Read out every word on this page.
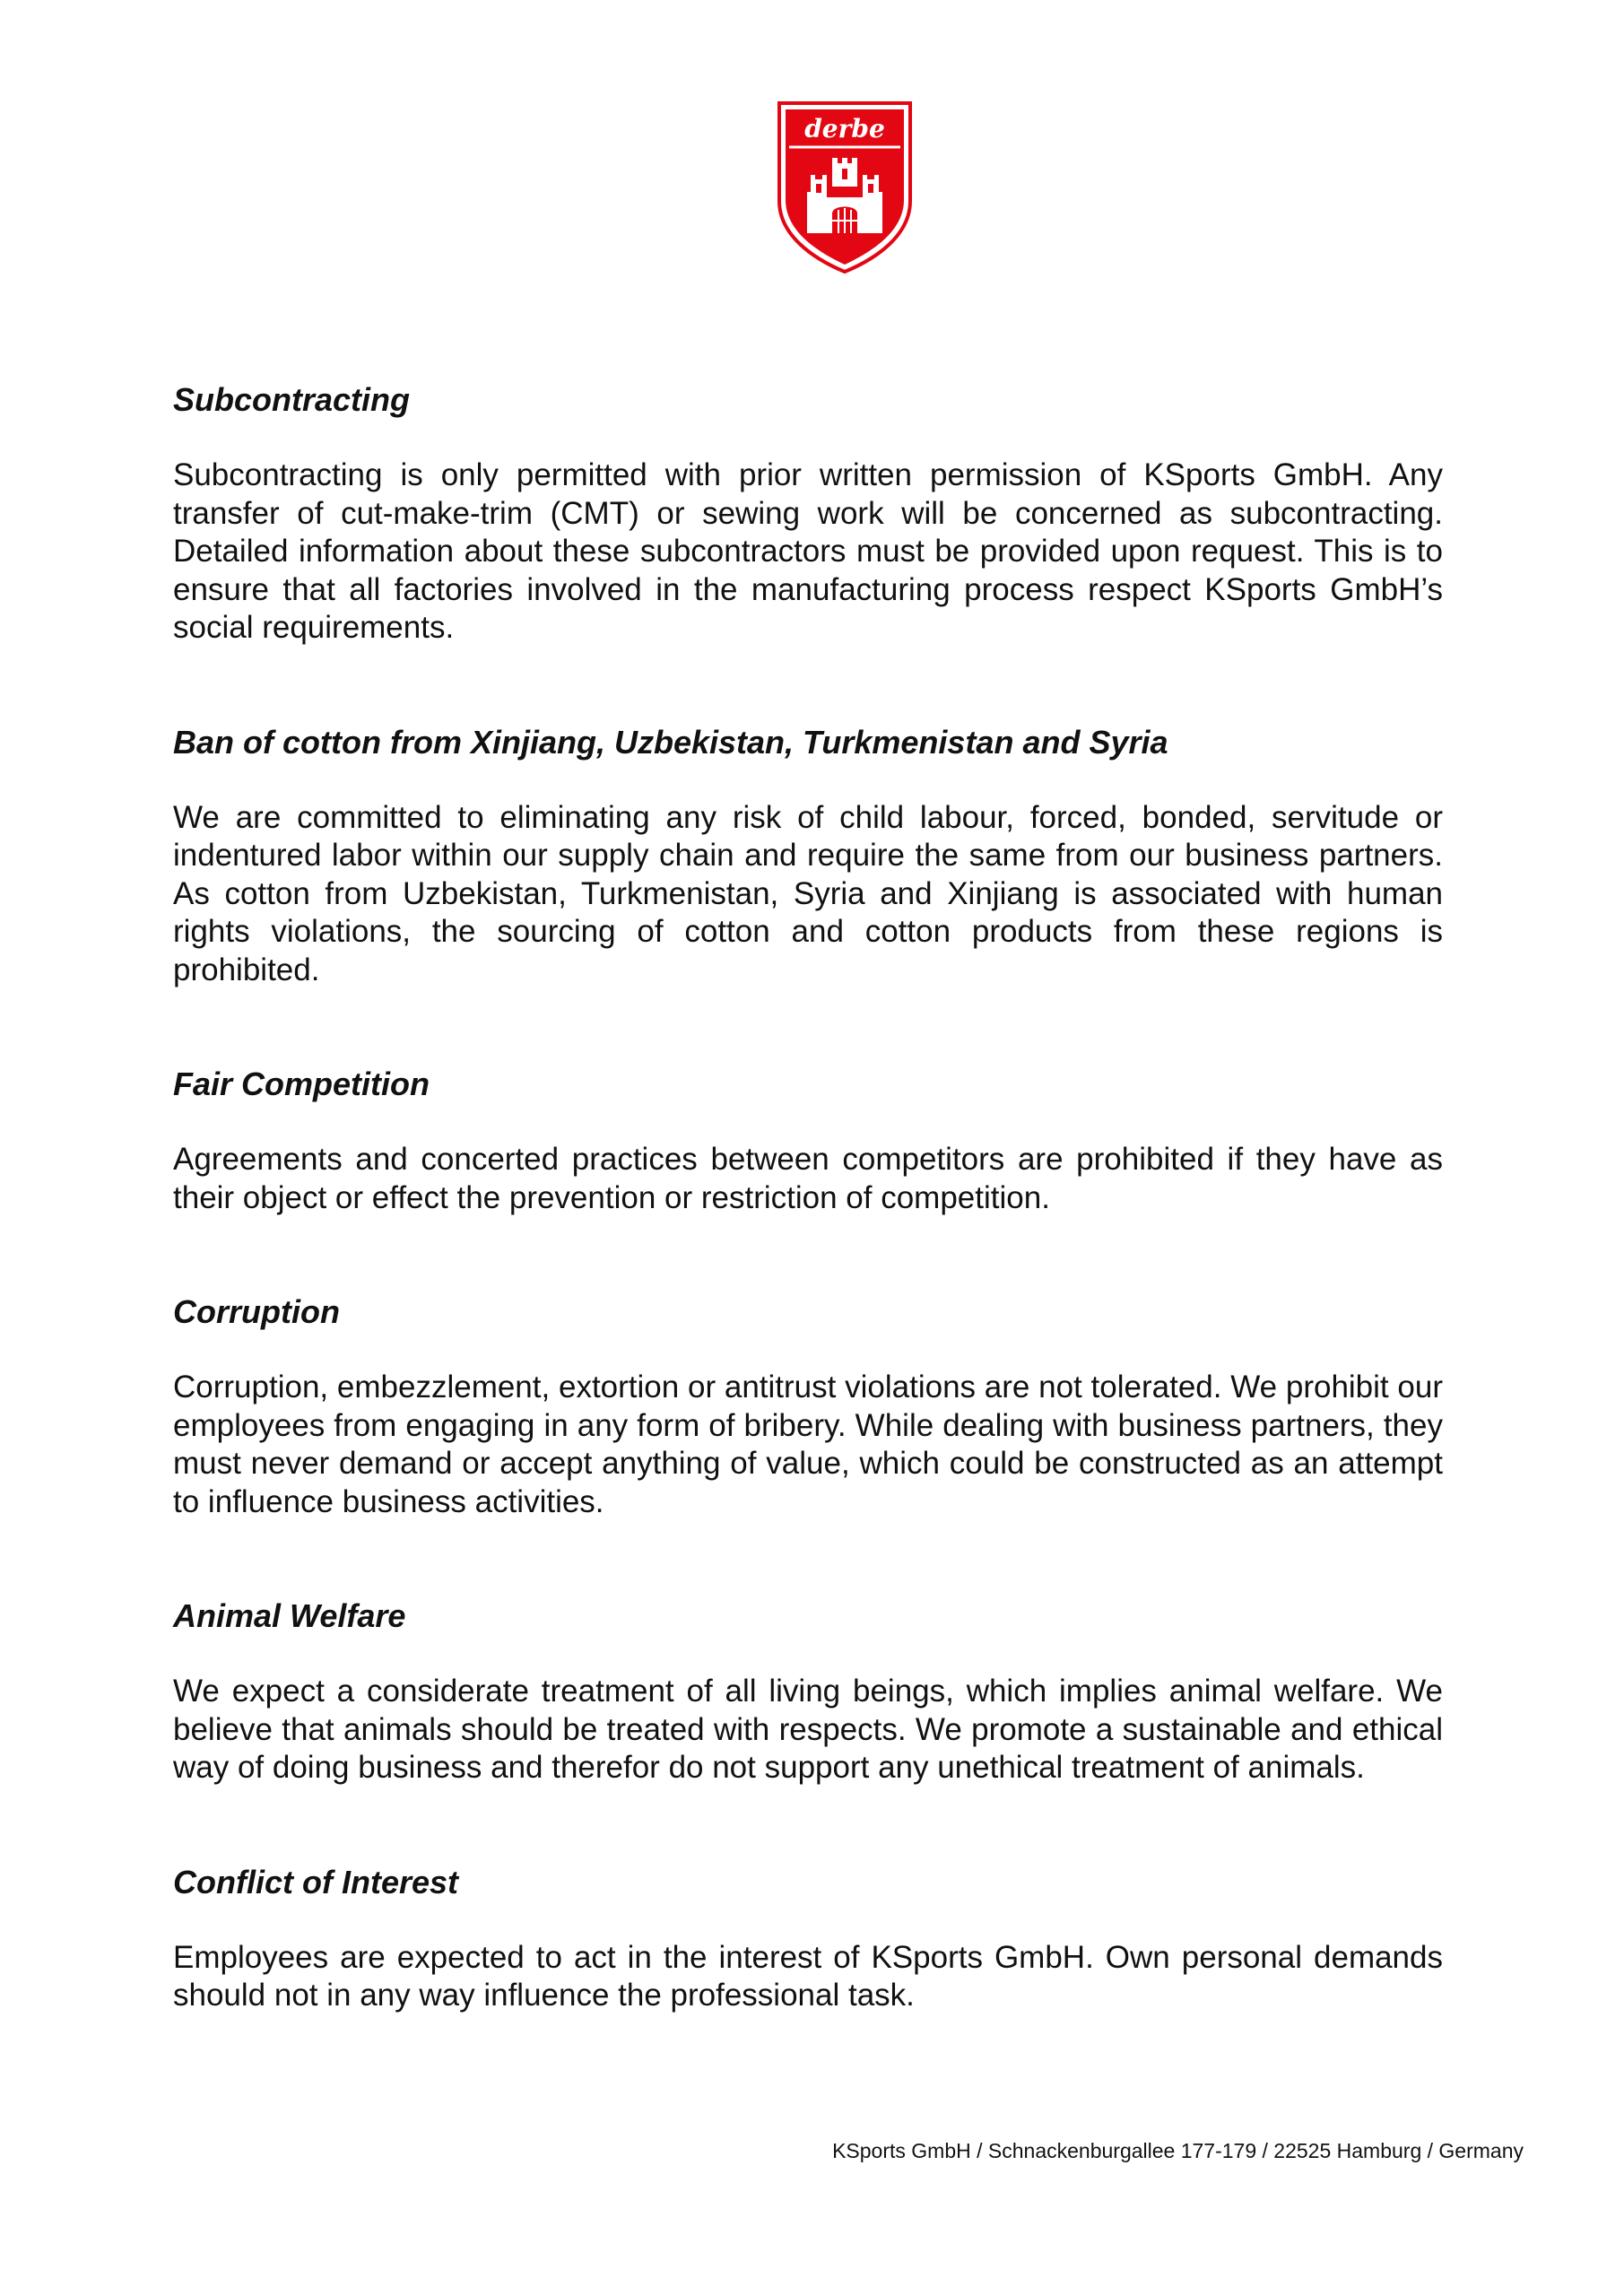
derbe
Subcontracting

Subcontracting is only permitted with prior written permission of KSports GmbH. Any transfer of cut-make-trim (CMT) or sewing work will be concerned as subcontracting. Detailed information about these subcontractors must be provided upon request. This is to ensure that all factories involved in the manufacturing process respect KSports GmbH’s social requirements.

Ban of cotton from Xinjiang, Uzbekistan, Turkmenistan and Syria

We are committed to eliminating any risk of child labour, forced, bonded, servitude or indentured labor within our supply chain and require the same from our business partners. As cotton from Uzbekistan, Turkmenistan, Syria and Xinjiang is associated with human rights violations, the sourcing of cotton and cotton products from these regions is prohibited.

Fair Competition

Agreements and concerted practices between competitors are prohibited if they have as their object or effect the prevention or restriction of competition.

Corruption

Corruption, embezzlement, extortion or antitrust violations are not tolerated. We prohibit our employees from engaging in any form of bribery. While dealing with business partners, they must never demand or accept anything of value, which could be constructed as an attempt to influence business activities.

Animal Welfare

We expect a considerate treatment of all living beings, which implies animal welfare. We believe that animals should be treated with respects. We promote a sustainable and ethical way of doing business and therefor do not support any unethical treatment of animals.

Conflict of Interest

Employees are expected to act in the interest of KSports GmbH. Own personal demands should not in any way influence the professional task.

KSports GmbH / Schnackenburgallee 177-179 / 22525 Hamburg / Germany
